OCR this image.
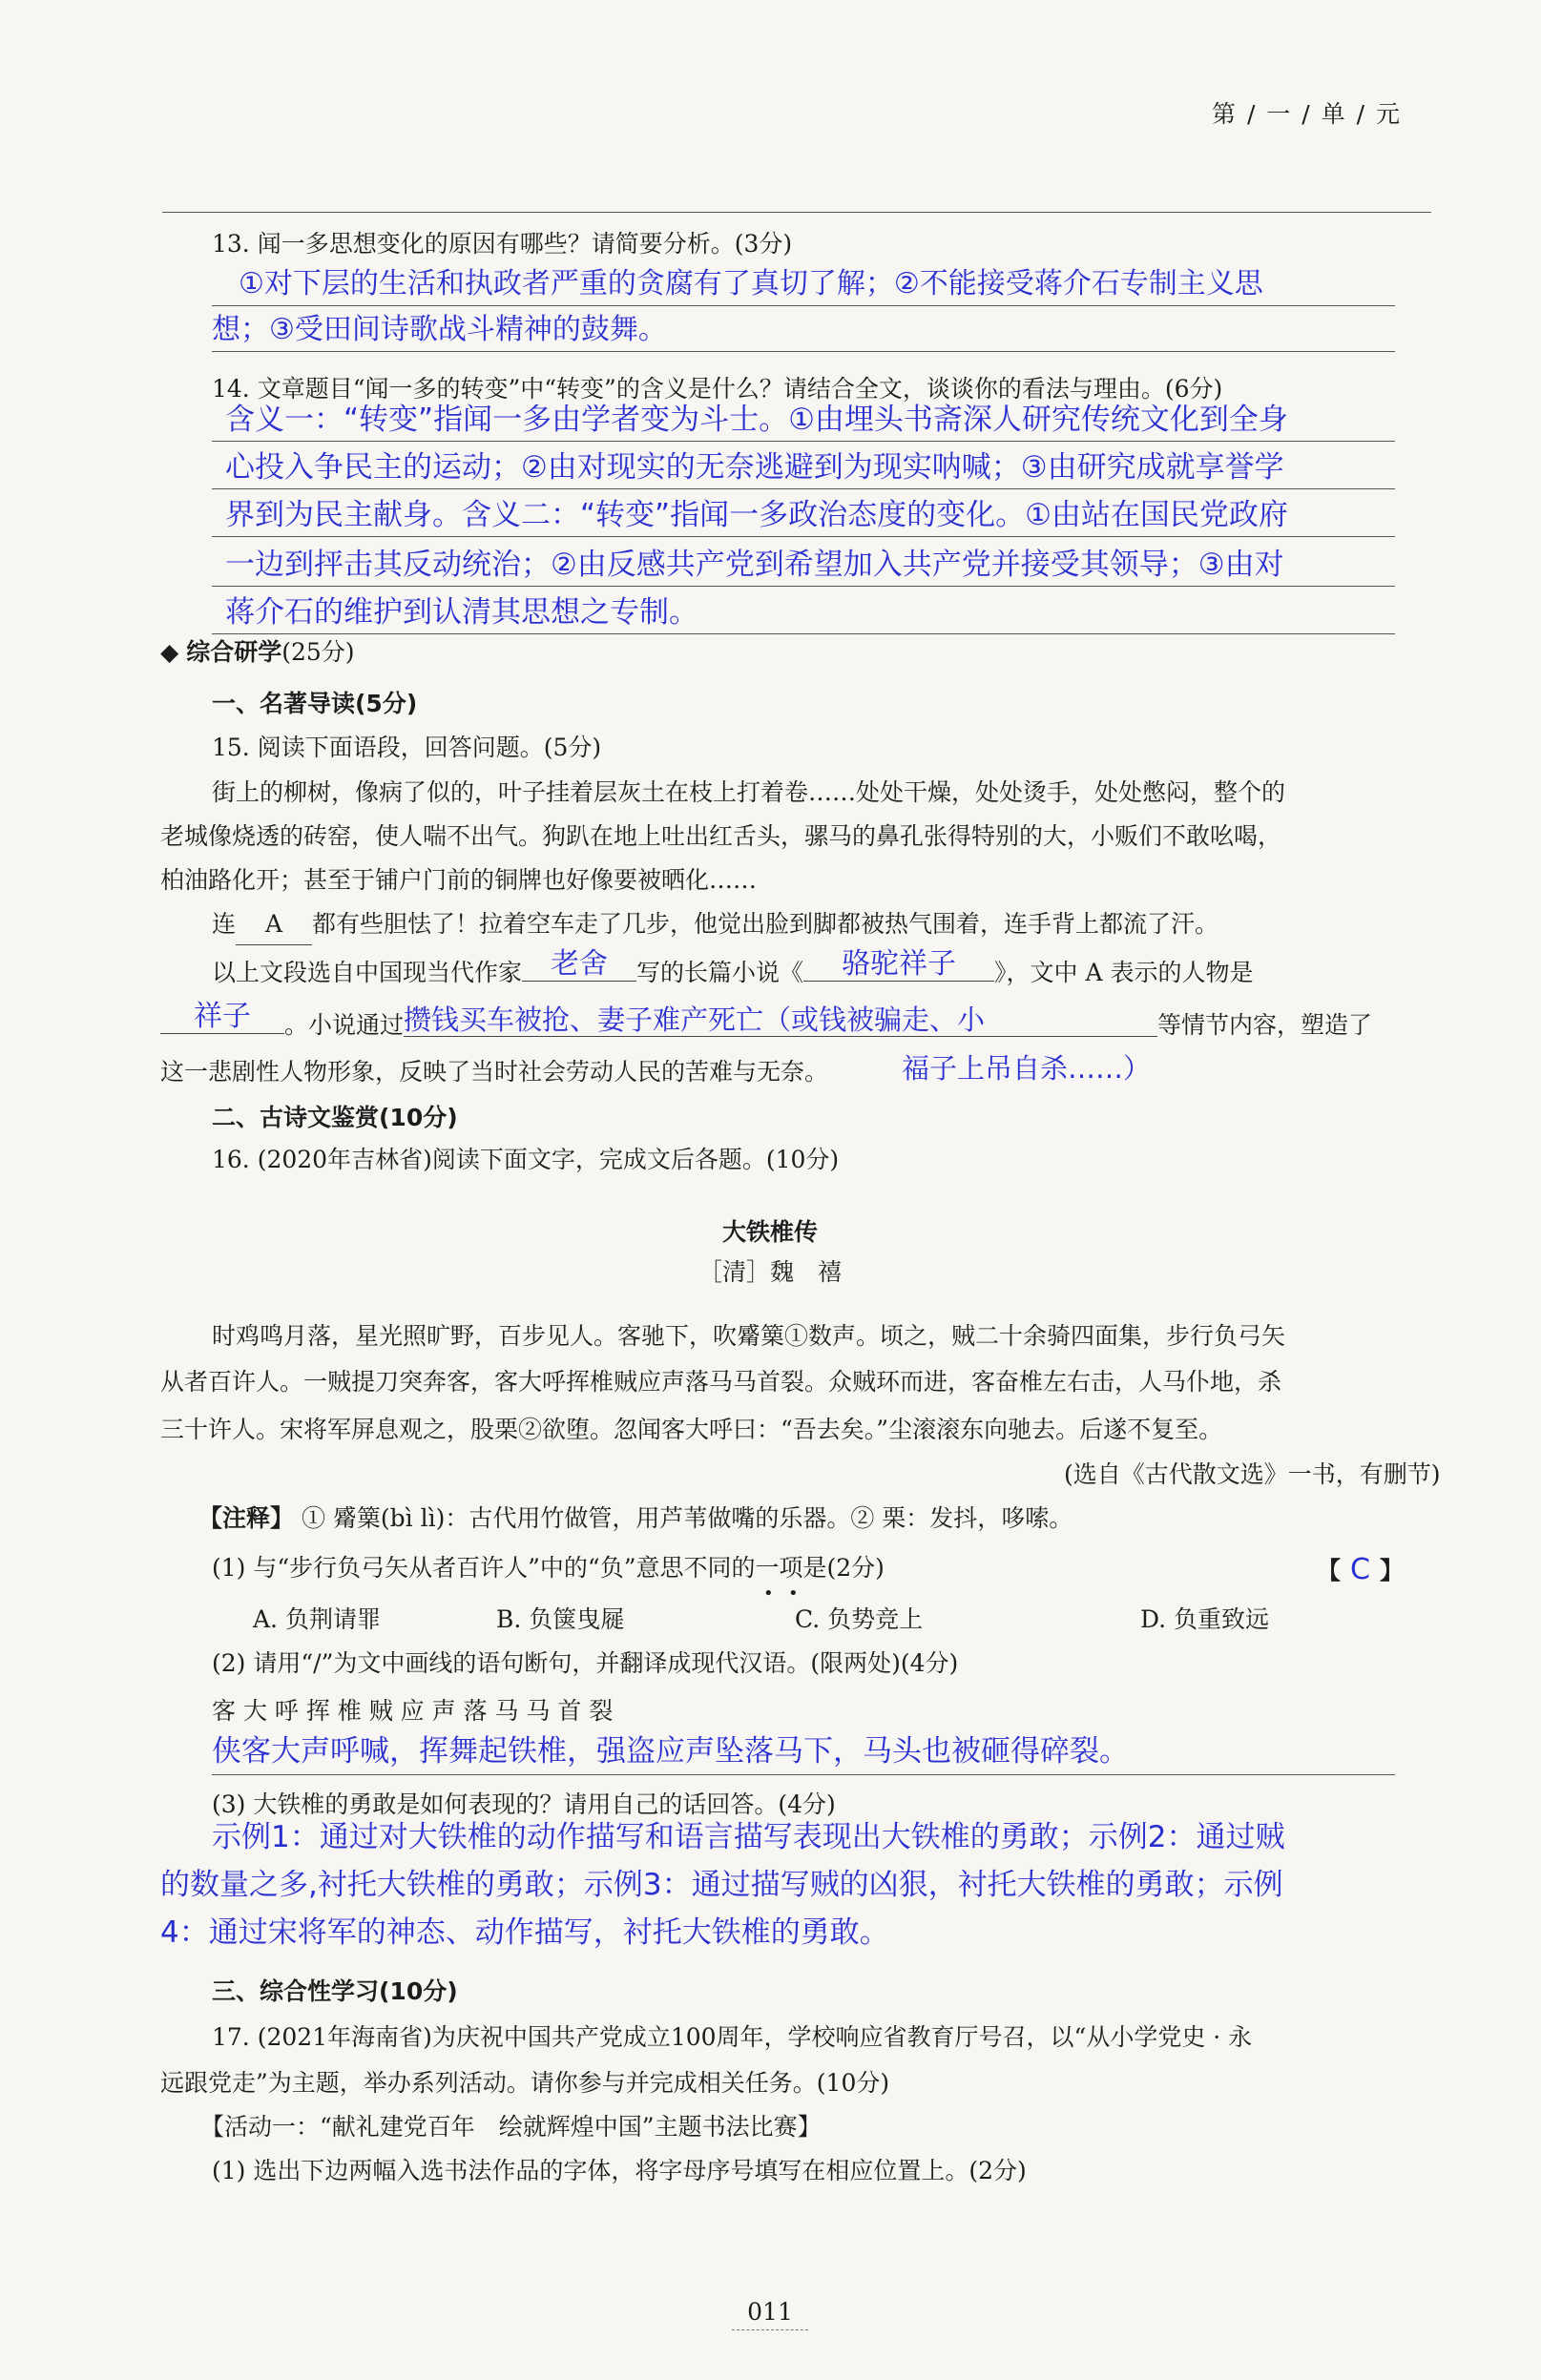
第 / 一 / 单 / 元
13. 闻一多思想变化的原因有哪些？请简要分析。(3分)
①对下层的生活和执政者严重的贪腐有了真切了解；②不能接受蒋介石专制主义思
想；③受田间诗歌战斗精神的鼓舞。
14. 文章题目“闻一多的转变”中“转变”的含义是什么？请结合全文，谈谈你的看法与理由。(6分)
含义一：“转变”指闻一多由学者变为斗士。①由埋头书斋深人研究传统文化到全身
心投入争民主的运动；②由对现实的无奈逃避到为现实呐喊；③由研究成就享誉学
界到为民主献身。含义二：“转变”指闻一多政治态度的变化。①由站在国民党政府
一边到抨击其反动统治；②由反感共产党到希望加入共产党并接受其领导；③由对
蒋介石的维护到认清其思想之专制。
◆ 综合研学(25分)
一、名著导读(5分)
15. 阅读下面语段，回答问题。(5分)
街上的柳树，像病了似的，叶子挂着层灰土在枝上打着卷……处处干燥，处处烫手，处处憋闷，整个的
老城像烧透的砖窑，使人喘不出气。狗趴在地上吐出红舌头，骡马的鼻孔张得特别的大，小贩们不敢吆喝，
柏油路化开；甚至于铺户门前的铜牌也好像要被晒化……
连 A 都有些胆怯了！拉着空车走了几步，他觉出脸到脚都被热气围着，连手背上都流了汗。
以上文段选自中国现当代作家 老舍 写的长篇小说《 骆驼祥子 》，文中 A 表示的人物是
祥子 。小说通过攒钱买车被抢、妻子难产死亡（或钱被骗走、小	等情节内容，塑造了
这一悲剧性人物形象，反映了当时社会劳动人民的苦难与无奈。	福子上吊自杀……）
二、古诗文鉴赏(10分)
16. (2020年吉林省)阅读下面文字，完成文后各题。(10分)
大铁椎传
［清］魏　禧
时鸡鸣月落，星光照旷野，百步见人。客驰下，吹觱篥①数声。顷之，贼二十余骑四面集，步行负弓矢
从者百许人。一贼提刀突奔客，客大呼挥椎贼应声落马马首裂。众贼环而进，客奋椎左右击，人马仆地，杀
三十许人。宋将军屏息观之，股栗②欲堕。忽闻客大呼曰：“吾去矣。”尘滚滚东向驰去。后遂不复至。
(选自《古代散文选》一书，有删节)
【注释】 ① 觱篥(bì lì)：古代用竹做管，用芦苇做嘴的乐器。② 栗：发抖，哆嗦。
(1) 与“步行负弓矢从者百许人”中的“负”意思不同的一项是(2分)
• •
【 C 】
A. 负荆请罪	B. 负箧曳屣	C. 负势竞上	D. 负重致远
(2) 请用“/”为文中画线的语句断句，并翻译成现代汉语。(限两处)(4分)
客 大 呼 挥 椎 贼 应 声 落 马 马 首 裂
侠客大声呼喊，挥舞起铁椎，强盗应声坠落马下，马头也被砸得碎裂。
(3) 大铁椎的勇敢是如何表现的？请用自己的话回答。(4分)
示例1：通过对大铁椎的动作描写和语言描写表现出大铁椎的勇敢；示例2：通过贼
的数量之多,衬托大铁椎的勇敢；示例3：通过描写贼的凶狠，衬托大铁椎的勇敢；示例
4：通过宋将军的神态、动作描写，衬托大铁椎的勇敢。
三、综合性学习(10分)
17. (2021年海南省)为庆祝中国共产党成立100周年，学校响应省教育厅号召，以“从小学党史 · 永
远跟党走”为主题，举办系列活动。请你参与并完成相关任务。(10分)
【活动一：“献礼建党百年　绘就辉煌中国”主题书法比赛】
(1) 选出下边两幅入选书法作品的字体，将字母序号填写在相应位置上。(2分)
011
